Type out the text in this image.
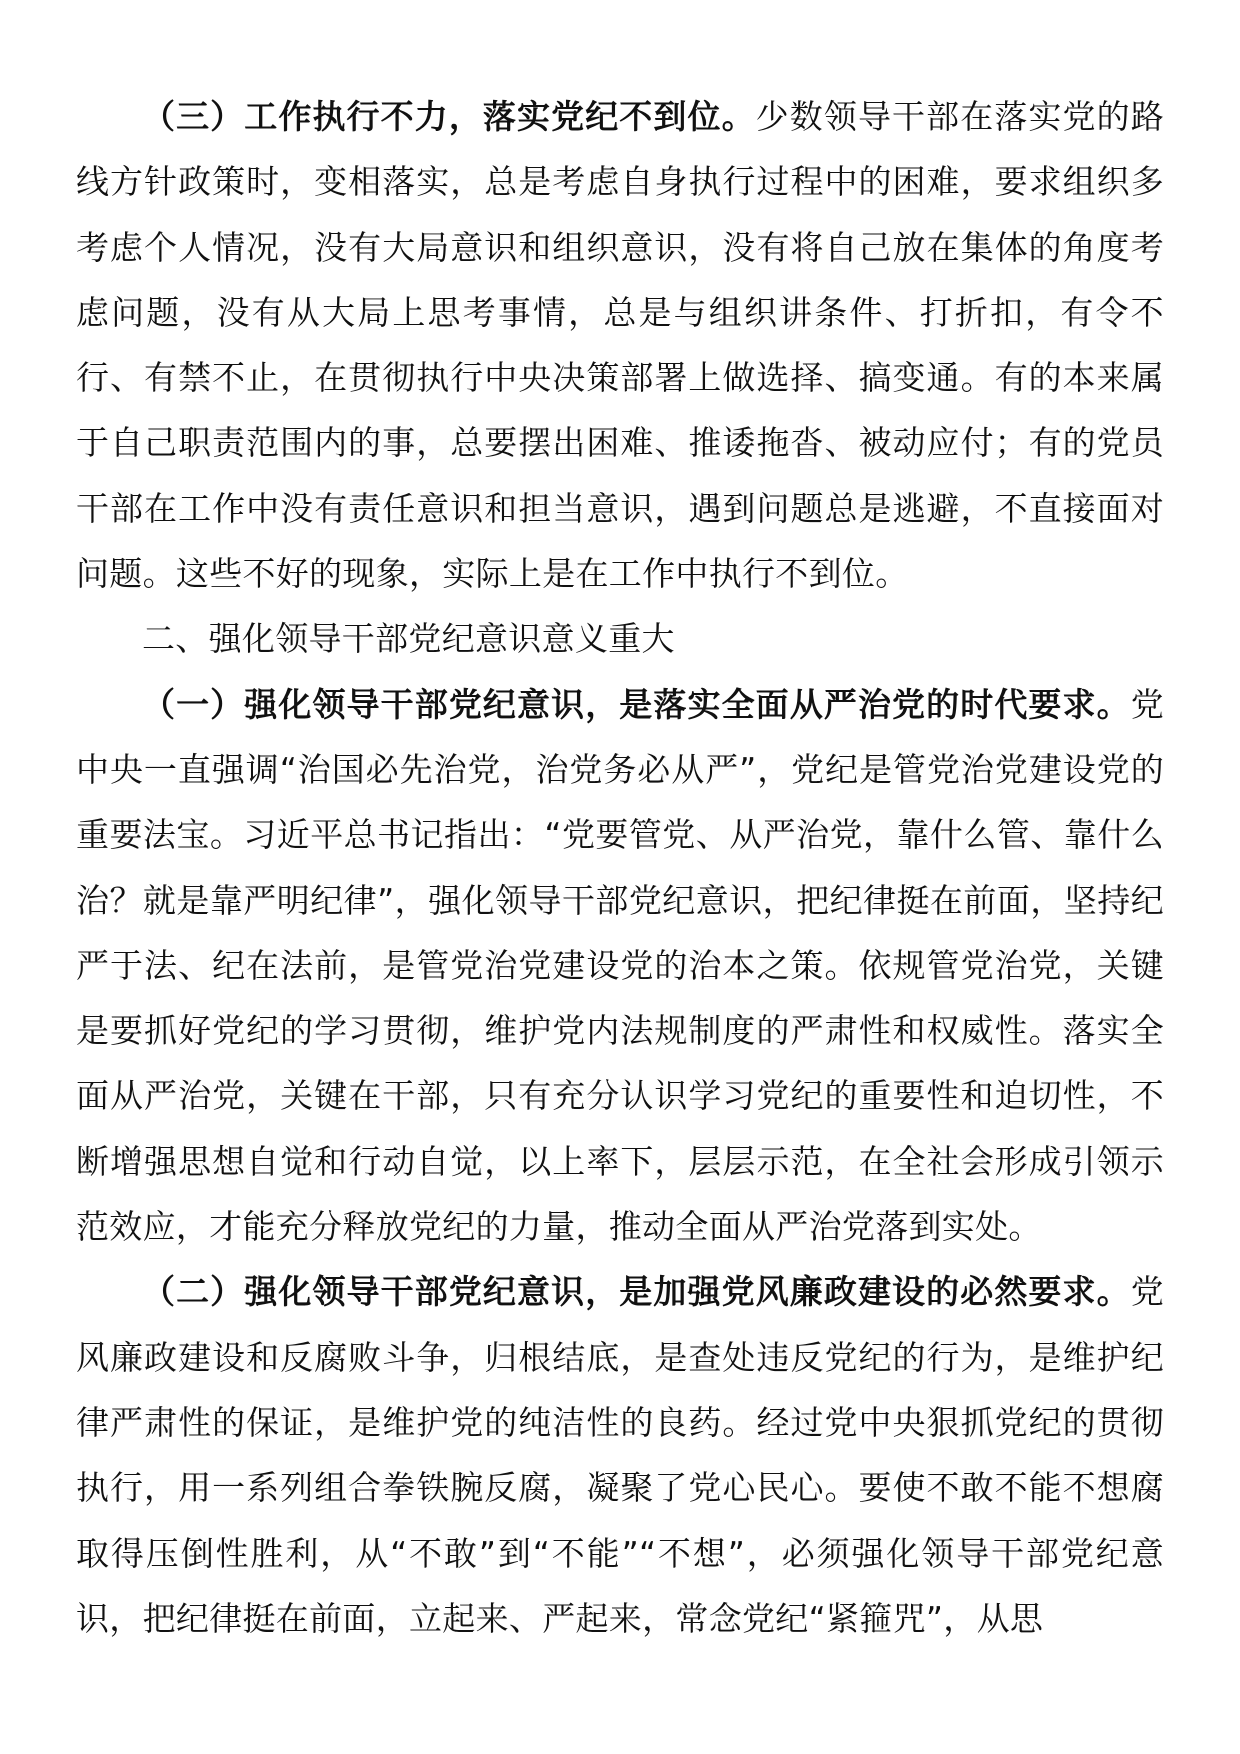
（三）工作执行不力，落实党纪不到位。少数领导干部在落实党的路线方针政策时，变相落实，总是考虑自身执行过程中的困难，要求组织多考虑个人情况，没有大局意识和组织意识，没有将自己放在集体的角度考虑问题，没有从大局上思考事情，总是与组织讲条件、打折扣，有令不行、有禁不止，在贯彻执行中央决策部署上做选择、搞变通。有的本来属于自己职责范围内的事，总要摆出困难、推诿拖沓、被动应付；有的党员干部在工作中没有责任意识和担当意识，遇到问题总是逃避，不直接面对问题。这些不好的现象，实际上是在工作中执行不到位。

二、强化领导干部党纪意识意义重大

（一）强化领导干部党纪意识，是落实全面从严治党的时代要求。党中央一直强调“治国必先治党，治党务必从严”，党纪是管党治党建设党的重要法宝。习近平总书记指出：“党要管党、从严治党，靠什么管、靠什么治？就是靠严明纪律”，强化领导干部党纪意识，把纪律挺在前面，坚持纪严于法、纪在法前，是管党治党建设党的治本之策。依规管党治党，关键是要抓好党纪的学习贯彻，维护党内法规制度的严肃性和权威性。落实全面从严治党，关键在干部，只有充分认识学习党纪的重要性和迫切性，不断增强思想自觉和行动自觉，以上率下，层层示范，在全社会形成引领示范效应，才能充分释放党纪的力量，推动全面从严治党落到实处。

（二）强化领导干部党纪意识，是加强党风廉政建设的必然要求。党风廉政建设和反腐败斗争，归根结底，是查处违反党纪的行为，是维护纪律严肃性的保证，是维护党的纯洁性的良药。经过党中央狠抓党纪的贯彻执行，用一系列组合拳铁腕反腐，凝聚了党心民心。要使不敢不能不想腐取得压倒性胜利，从“不敢”到“不能”“不想”，必须强化领导干部党纪意识，把纪律挺在前面，立起来、严起来，常念党纪“紧箍咒”，从思
